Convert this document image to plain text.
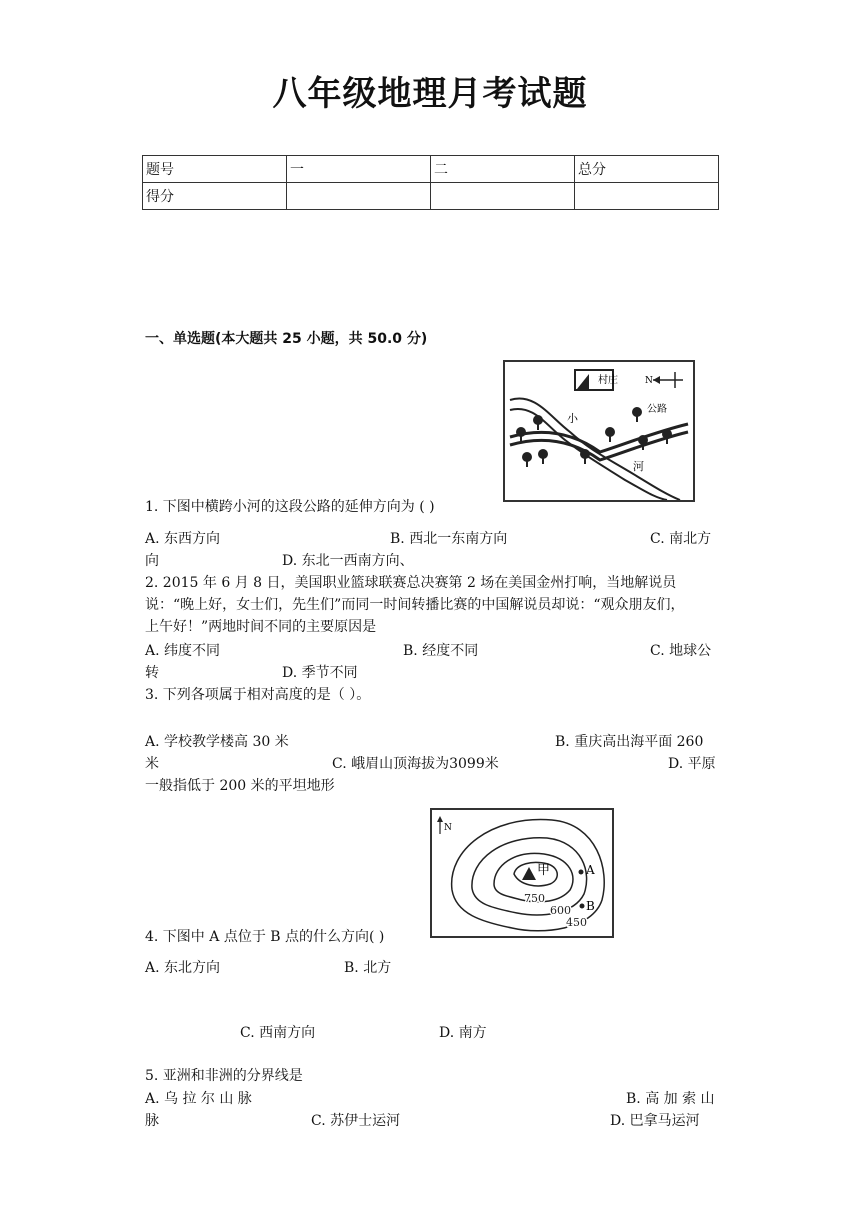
八年级地理月考试题
题号	一	二	总分
得分			
一、单选题(本大题共 25 小题，共 50.0 分)
村庄	N
公路
小
河
1. 下图中横跨小河的这段公路的延伸方向为 ( )
A. 东西方向	B. 西北一东南方向	C. 南北方
向	D. 东北一西南方向、
2. 2015 年 6 月 8 日，美国职业篮球联赛总决赛第 2 场在美国金州打响，当地解说员
说：“晚上好，女士们，先生们”而同一时间转播比赛的中国解说员却说：“观众朋友们，
上午好！”两地时间不同的主要原因是
A. 纬度不同	B. 经度不同	C. 地球公
转	D. 季节不同
3. 下列各项属于相对高度的是（ ）。
A. 学校教学楼高 30 米	B. 重庆高出海平面 260
米	C. 峨眉山顶海拔为3099米	D. 平原
一般指低于 200 米的平坦地形
N
甲	A
B
750
600
450
4. 下图中 A 点位于 B 点的什么方向( )
A. 东北方向	B. 北方
C. 西南方向	D. 南方
5. 亚洲和非洲的分界线是
A. 乌 拉 尔 山 脉	B. 高 加 索 山
脉	C. 苏伊士运河	D. 巴拿马运河
